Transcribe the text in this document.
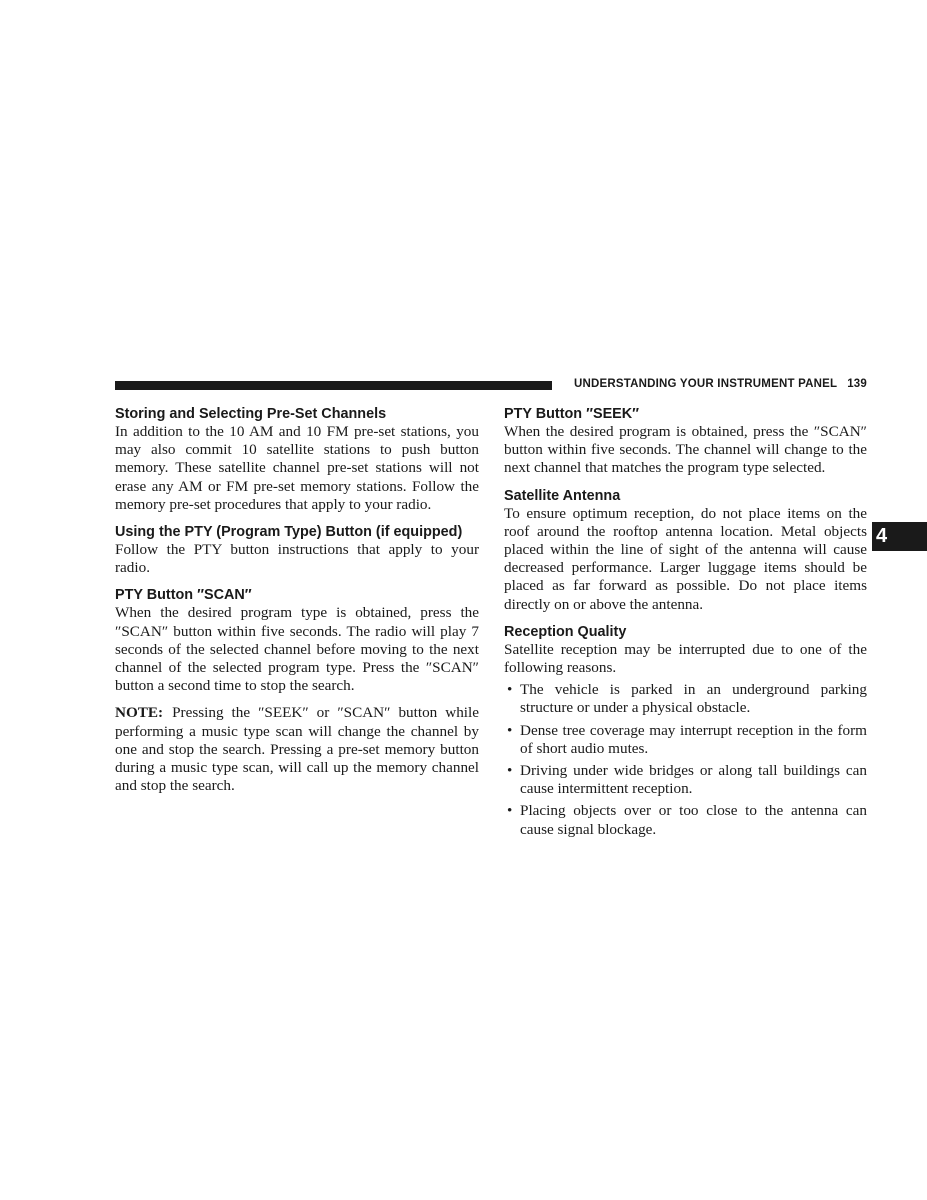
UNDERSTANDING YOUR INSTRUMENT PANEL 139
4
Storing and Selecting Pre-Set Channels

In addition to the 10 AM and 10 FM pre-set stations, you may also commit 10 satellite stations to push button memory. These satellite channel pre-set stations will not erase any AM or FM pre-set memory stations. Follow the memory pre-set procedures that apply to your radio.

Using the PTY (Program Type) Button (if equipped)

Follow the PTY button instructions that apply to your radio.

PTY Button ″SCAN″

When the desired program type is obtained, press the ″SCAN″ button within five seconds. The radio will play 7 seconds of the selected channel before moving to the next channel of the selected program type. Press the ″SCAN″ button a second time to stop the search.

NOTE: Pressing the ″SEEK″ or ″SCAN″ button while performing a music type scan will change the channel by one and stop the search. Pressing a pre-set memory button during a music type scan, will call up the memory channel and stop the search.

PTY Button ″SEEK″

When the desired program is obtained, press the ″SCAN″ button within five seconds. The channel will change to the next channel that matches the program type selected.

Satellite Antenna

To ensure optimum reception, do not place items on the roof around the rooftop antenna location. Metal objects placed within the line of sight of the antenna will cause decreased performance. Larger luggage items should be placed as far forward as possible. Do not place items directly on or above the antenna.

Reception Quality

Satellite reception may be interrupted due to one of the following reasons.

• The vehicle is parked in an underground parking structure or under a physical obstacle.
• Dense tree coverage may interrupt reception in the form of short audio mutes.
• Driving under wide bridges or along tall buildings can cause intermittent reception.
• Placing objects over or too close to the antenna can cause signal blockage.
